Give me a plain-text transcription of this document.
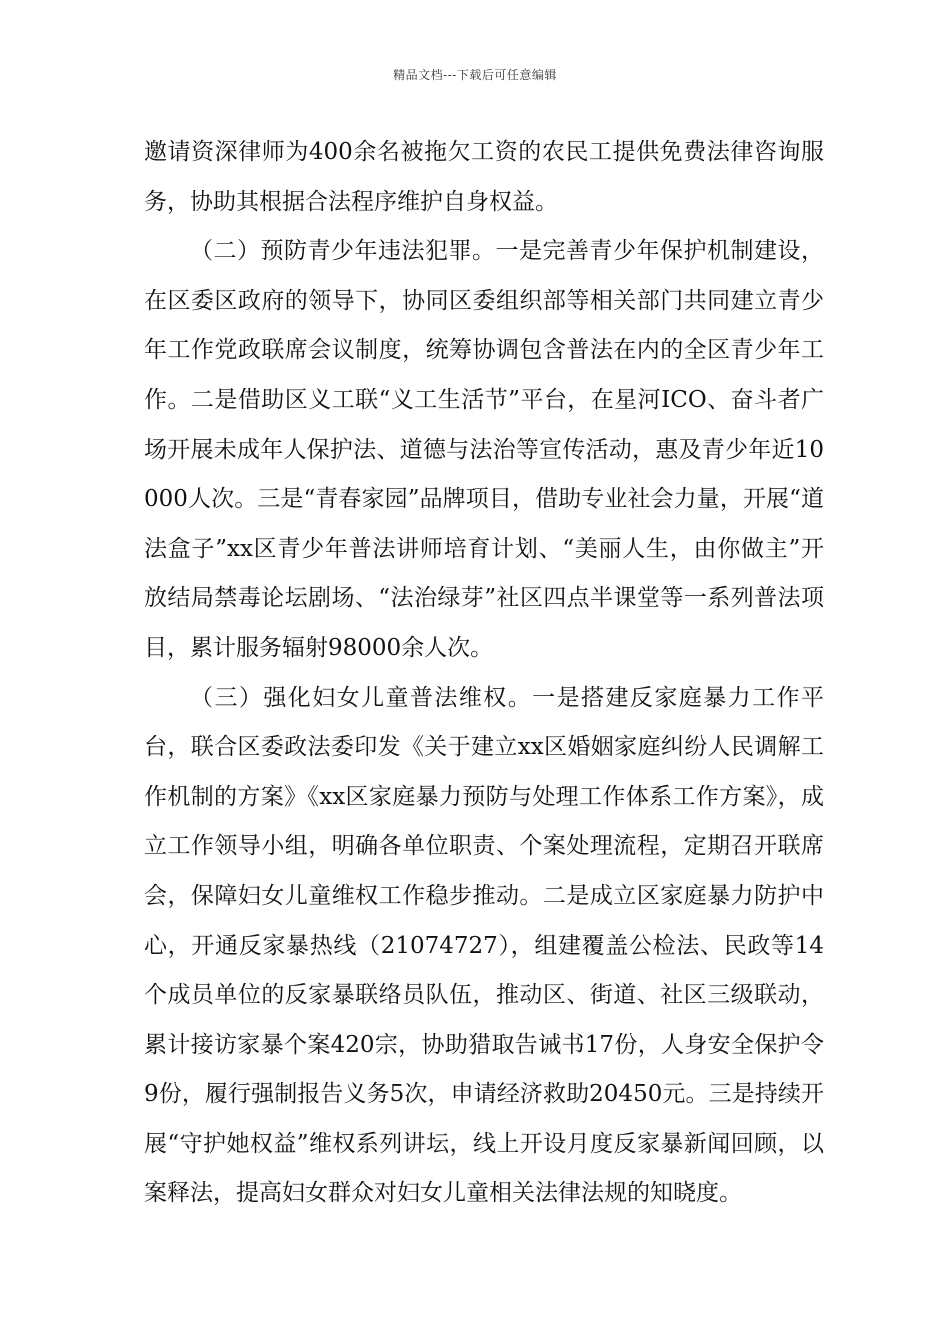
精品文档---下载后可任意编辑

邀请资深律师为400余名被拖欠工资的农民工提供免费法律咨询服务，协助其根据合法程序维护自身权益。

（二）预防青少年违法犯罪。一是完善青少年保护机制建设，在区委区政府的领导下，协同区委组织部等相关部门共同建立青少年工作党政联席会议制度，统筹协调包含普法在内的全区青少年工作。二是借助区义工联“义工生活节”平台，在星河ICO、奋斗者广场开展未成年人保护法、道德与法治等宣传活动，惠及青少年近10000人次。三是“青春家园”品牌项目，借助专业社会力量，开展“道法盒子”xx区青少年普法讲师培育计划、“美丽人生，由你做主”开放结局禁毒论坛剧场、“法治绿芽”社区四点半课堂等一系列普法项目，累计服务辐射98000余人次。

（三）强化妇女儿童普法维权。一是搭建反家庭暴力工作平台，联合区委政法委印发《关于建立xx区婚姻家庭纠纷人民调解工作机制的方案》《xx区家庭暴力预防与处理工作体系工作方案》，成立工作领导小组，明确各单位职责、个案处理流程，定期召开联席会，保障妇女儿童维权工作稳步推动。二是成立区家庭暴力防护中心，开通反家暴热线（21074727），组建覆盖公检法、民政等14个成员单位的反家暴联络员队伍，推动区、街道、社区三级联动，累计接访家暴个案420宗，协助猎取告诫书17份，人身安全保护令9份，履行强制报告义务5次，申请经济救助20450元。三是持续开展“守护她权益”维权系列讲坛，线上开设月度反家暴新闻回顾，以案释法，提高妇女群众对妇女儿童相关法律法规的知晓度。
